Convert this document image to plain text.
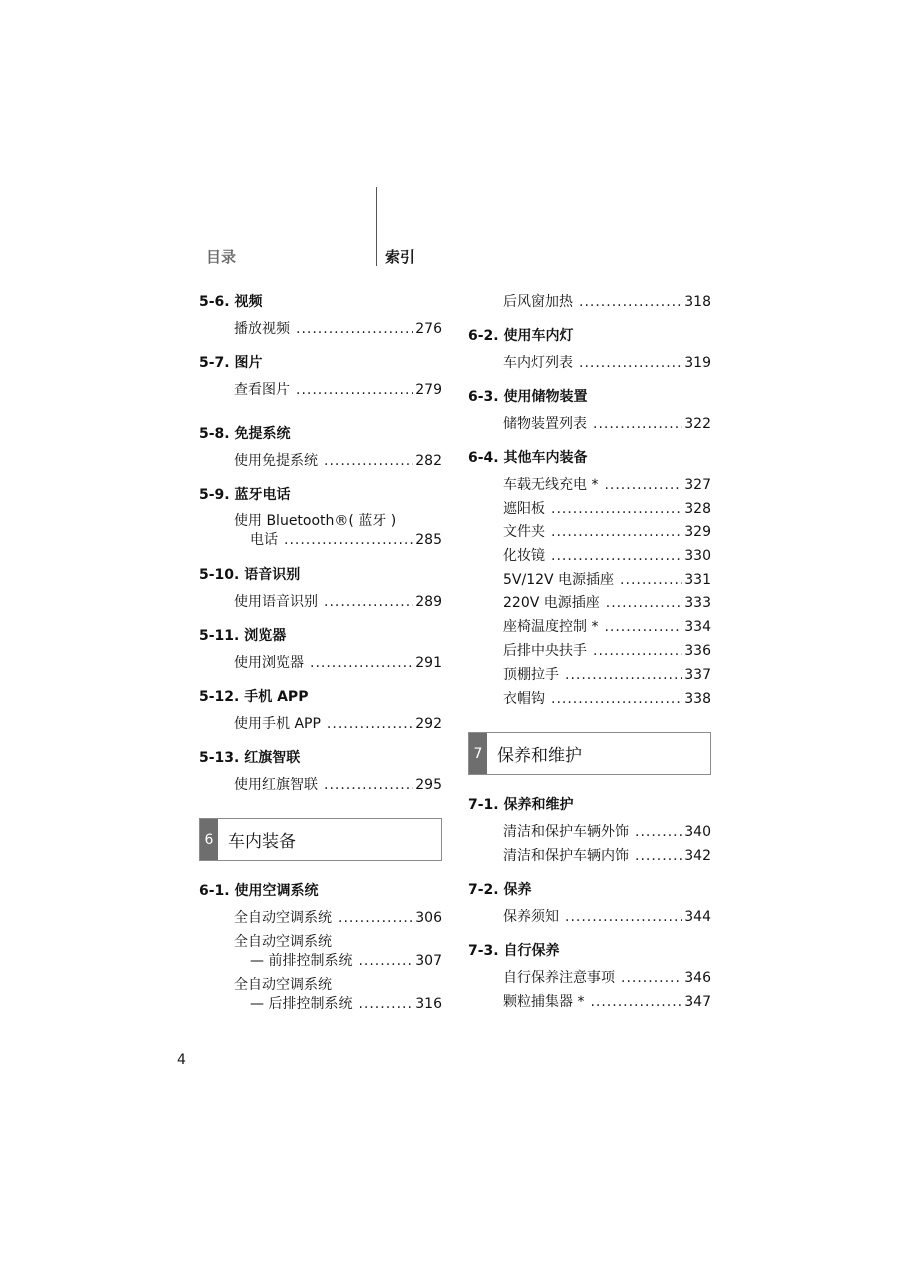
目录	索引
5-6. 视频
播放视频 .....	276
5-7. 图片
查看图片 .....	279
5-8. 免提系统
使用免提系统 .....	282
5-9. 蓝牙电话
使用 Bluetooth®( 蓝牙 )
电话 .....	285
5-10. 语音识别
使用语音识别 .....	289
5-11. 浏览器
使用浏览器 .....	291
5-12. 手机 APP
使用手机 APP .....	292
5-13. 红旗智联
使用红旗智联 .....	295
6 车内装备
6-1. 使用空调系统
全自动空调系统 .....	306
全自动空调系统
— 前排控制系统 .....	307
全自动空调系统
— 后排控制系统 .....	316
后风窗加热 .....	318
6-2. 使用车内灯
车内灯列表 .....	319
6-3. 使用储物装置
储物装置列表 .....	322
6-4. 其他车内装备
车载无线充电 * .....	327
遮阳板 .....	328
文件夹 .....	329
化妆镜 .....	330
5V/12V 电源插座 .....	331
220V 电源插座 .....	333
座椅温度控制 * .....	334
后排中央扶手 .....	336
顶棚拉手 .....	337
衣帽钩 .....	338
7 保养和维护
7-1. 保养和维护
清洁和保护车辆外饰 .....	340
清洁和保护车辆内饰 .....	342
7-2. 保养
保养须知 .....	344
7-3. 自行保养
自行保养注意事项 .....	346
颗粒捕集器 * .....	347
4
